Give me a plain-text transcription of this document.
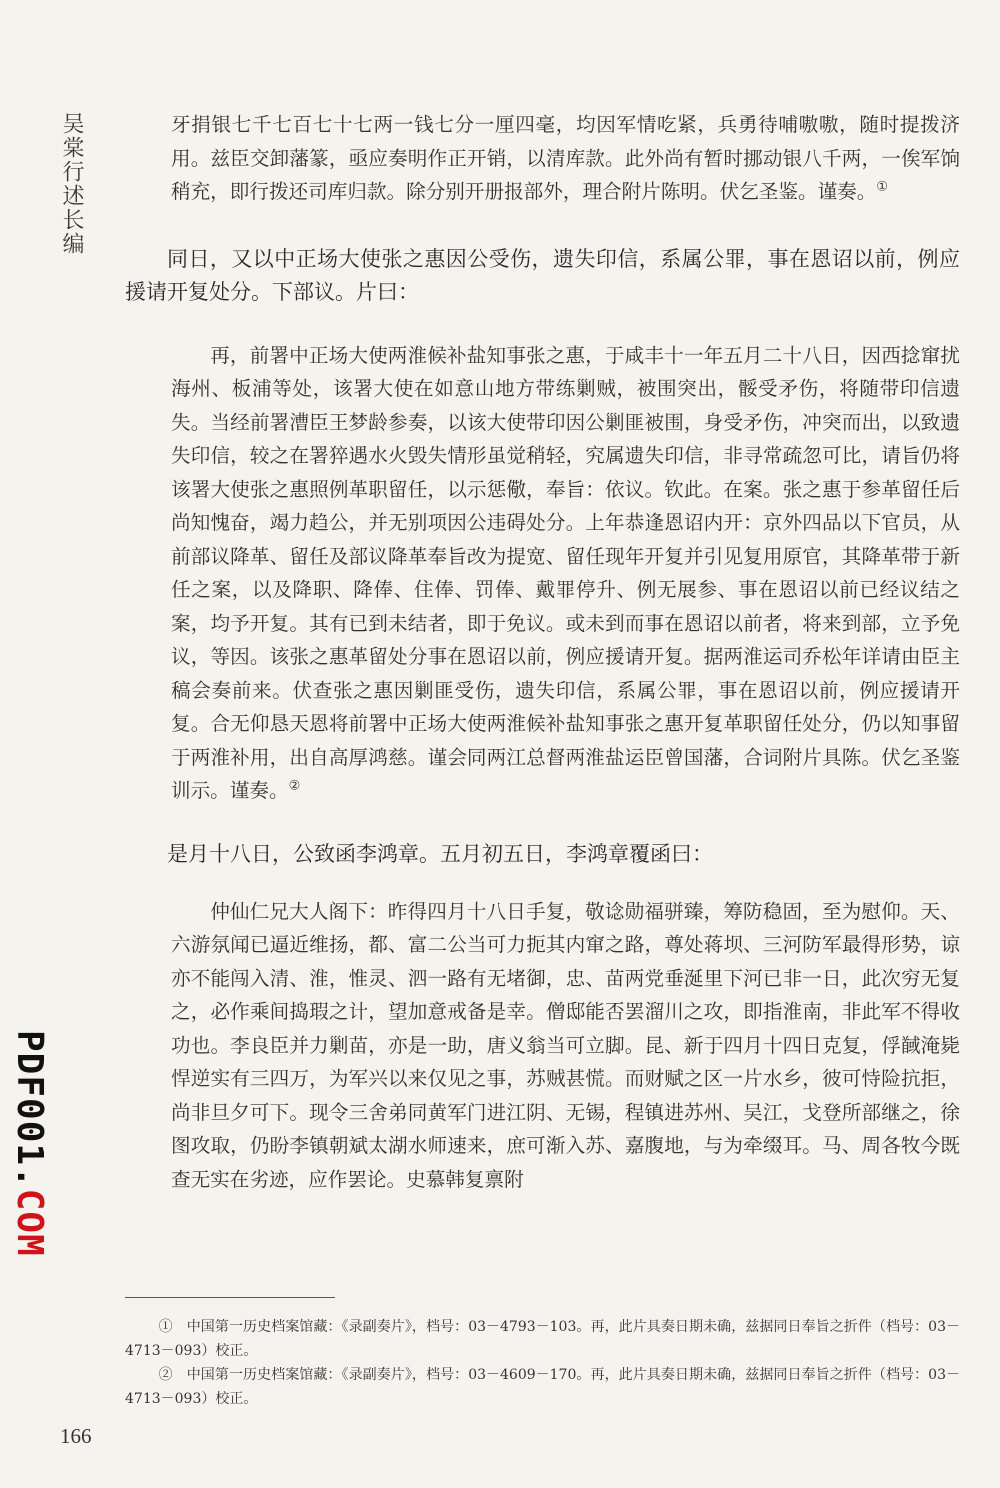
吴棠行述长编
PDF001.COM

牙捐银七千七百七十七两一钱七分一厘四毫，均因军情吃紧，兵勇待哺嗷嗷，随时提拨济用。兹臣交卸藩篆，亟应奏明作正开销，以清库款。此外尚有暂时挪动银八千两，一俟军饷稍充，即行拨还司库归款。除分别开册报部外，理合附片陈明。伏乞圣鉴。谨奏。①

同日，又以中正场大使张之惠因公受伤，遗失印信，系属公罪，事在恩诏以前，例应援请开复处分。下部议。片曰：

再，前署中正场大使两淮候补盐知事张之惠，于咸丰十一年五月二十八日，因西捻窜扰海州、板浦等处，该署大使在如意山地方带练剿贼，被围突出，骽受矛伤，将随带印信遗失。当经前署漕臣王梦龄参奏，以该大使带印因公剿匪被围，身受矛伤，冲突而出，以致遗失印信，较之在署猝遇水火毁失情形虽觉稍轻，究属遗失印信，非寻常疏忽可比，请旨仍将该署大使张之惠照例革职留任，以示惩儆，奉旨：依议。钦此。在案。张之惠于参革留任后尚知愧奋，竭力趋公，并无别项因公违碍处分。上年恭逢恩诏内开：京外四品以下官员，从前部议降革、留任及部议降革奉旨改为提宽、留任现年开复并引见复用原官，其降革带于新任之案，以及降职、降俸、住俸、罚俸、戴罪停升、例无展参、事在恩诏以前已经议结之案，均予开复。其有已到未结者，即于免议。或未到而事在恩诏以前者，将来到部，立予免议，等因。该张之惠革留处分事在恩诏以前，例应援请开复。据两淮运司乔松年详请由臣主稿会奏前来。伏查张之惠因剿匪受伤，遗失印信，系属公罪，事在恩诏以前，例应援请开复。合无仰恳天恩将前署中正场大使两淮候补盐知事张之惠开复革职留任处分，仍以知事留于两淮补用，出自高厚鸿慈。谨会同两江总督两淮盐运臣曾国藩，合词附片具陈。伏乞圣鉴训示。谨奏。②

是月十八日，公致函李鸿章。五月初五日，李鸿章覆函曰：

仲仙仁兄大人阁下：昨得四月十八日手复，敬谂勋福骈臻，筹防稳固，至为慰仰。天、六游氛闻已逼近维扬，都、富二公当可力扼其内窜之路，尊处蒋坝、三河防军最得形势，谅亦不能闯入清、淮，惟灵、泗一路有无堵御，忠、苗两党垂涎里下河已非一日，此次穷无复之，必作乘间捣瑕之计，望加意戒备是幸。僧邸能否罢溜川之攻，即指淮南，非此军不得收功也。李良臣并力剿苗，亦是一助，唐义翁当可立脚。昆、新于四月十四日克复，俘馘淹毙悍逆实有三四万，为军兴以来仅见之事，苏贼甚慌。而财赋之区一片水乡，彼可恃险抗拒，尚非旦夕可下。现令三舍弟同黄军门进江阴、无锡，程镇进苏州、吴江，戈登所部继之，徐图攻取，仍盼李镇朝斌太湖水师速来，庶可渐入苏、嘉腹地，与为牵缀耳。马、周各牧今既查无实在劣迹，应作罢论。史慕韩复禀附

①　中国第一历史档案馆藏：《录副奏片》，档号：03－4793－103。再，此片具奏日期未确，兹据同日奉旨之折件（档号：03－4713－093）校正。

②　中国第一历史档案馆藏：《录副奏片》，档号：03－4609－170。再，此片具奏日期未确，兹据同日奉旨之折件（档号：03－4713－093）校正。

166
